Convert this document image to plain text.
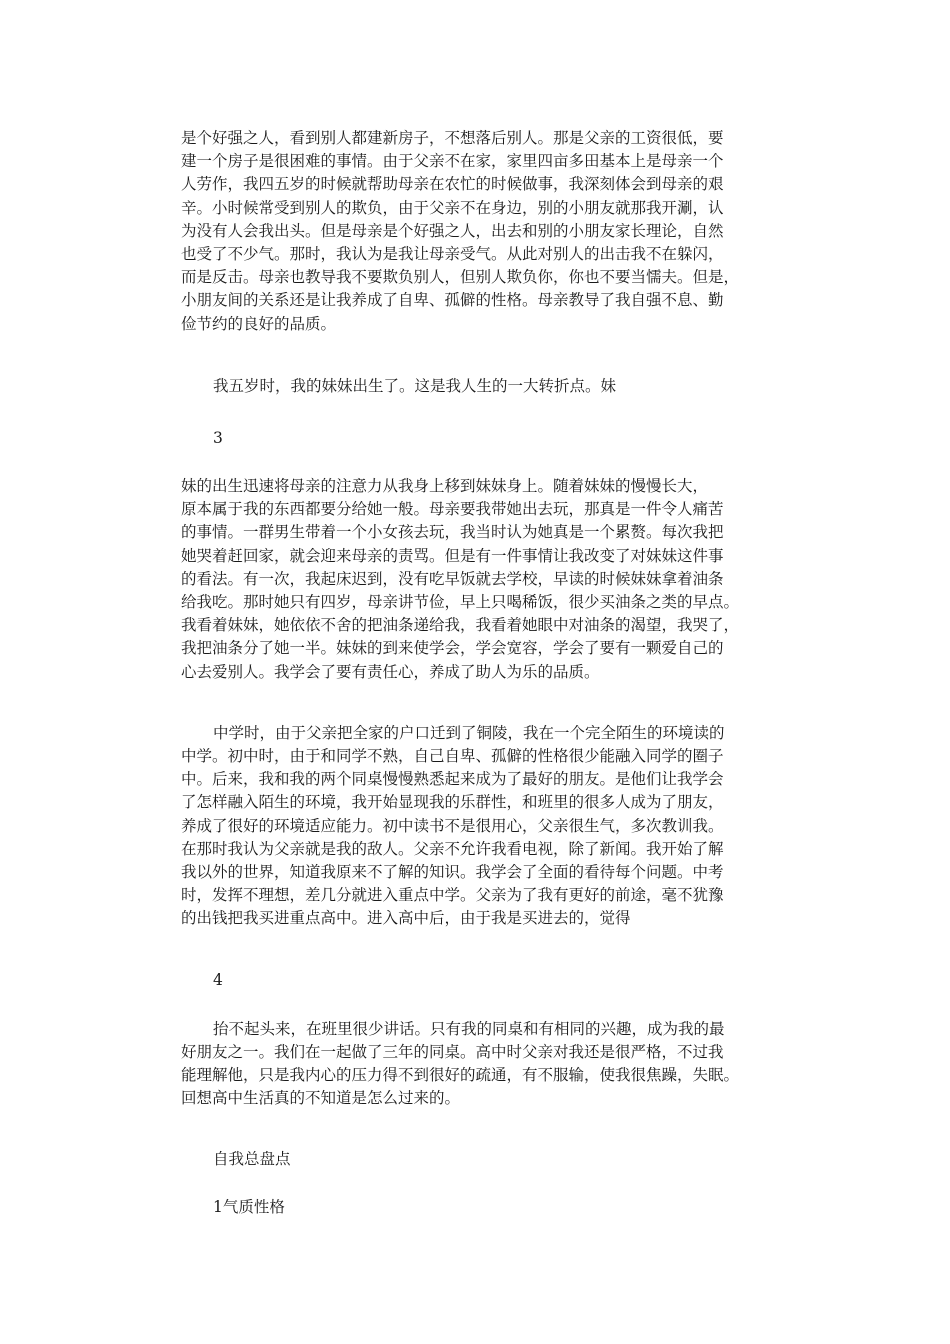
是个好强之人，看到别人都建新房子，不想落后别人。那是父亲的工资很低，要
建一个房子是很困难的事情。由于父亲不在家，家里四亩多田基本上是母亲一个
人劳作，我四五岁的时候就帮助母亲在农忙的时候做事，我深刻体会到母亲的艰
辛。小时候常受到别人的欺负，由于父亲不在身边，别的小朋友就那我开涮，认
为没有人会我出头。但是母亲是个好强之人，出去和别的小朋友家长理论，自然
也受了不少气。那时，我认为是我让母亲受气。从此对别人的出击我不在躲闪，
而是反击。母亲也教导我不要欺负别人，但别人欺负你，你也不要当懦夫。但是，
小朋友间的关系还是让我养成了自卑、孤僻的性格。母亲教导了我自强不息、勤
俭节约的良好的品质。

我五岁时，我的妹妹出生了。这是我人生的一大转折点。妹

3

妹的出生迅速将母亲的注意力从我身上移到妹妹身上。随着妹妹的慢慢长大，
原本属于我的东西都要分给她一般。母亲要我带她出去玩，那真是一件令人痛苦
的事情。一群男生带着一个小女孩去玩，我当时认为她真是一个累赘。每次我把
她哭着赶回家，就会迎来母亲的责骂。但是有一件事情让我改变了对妹妹这件事
的看法。有一次，我起床迟到，没有吃早饭就去学校，早读的时候妹妹拿着油条
给我吃。那时她只有四岁，母亲讲节俭，早上只喝稀饭，很少买油条之类的早点。
我看着妹妹，她依依不舍的把油条递给我，我看着她眼中对油条的渴望，我哭了，
我把油条分了她一半。妹妹的到来使学会，学会宽容，学会了要有一颗爱自己的
心去爱别人。我学会了要有责任心，养成了助人为乐的品质。

中学时，由于父亲把全家的户口迁到了铜陵，我在一个完全陌生的环境读的

中学。初中时，由于和同学不熟，自己自卑、孤僻的性格很少能融入同学的圈子
中。后来，我和我的两个同桌慢慢熟悉起来成为了最好的朋友。是他们让我学会
了怎样融入陌生的环境，我开始显现我的乐群性，和班里的很多人成为了朋友，
养成了很好的环境适应能力。初中读书不是很用心，父亲很生气，多次教训我。
在那时我认为父亲就是我的敌人。父亲不允许我看电视，除了新闻。我开始了解
我以外的世界，知道我原来不了解的知识。我学会了全面的看待每个问题。中考
时，发挥不理想，差几分就进入重点中学。父亲为了我有更好的前途，毫不犹豫
的出钱把我买进重点高中。进入高中后，由于我是买进去的，觉得

4

抬不起头来，在班里很少讲话。只有我的同桌和有相同的兴趣，成为我的最

好朋友之一。我们在一起做了三年的同桌。高中时父亲对我还是很严格，不过我
能理解他，只是我内心的压力得不到很好的疏通，有不服输，使我很焦躁，失眠。
回想高中生活真的不知道是怎么过来的。

自我总盘点

1气质性格
